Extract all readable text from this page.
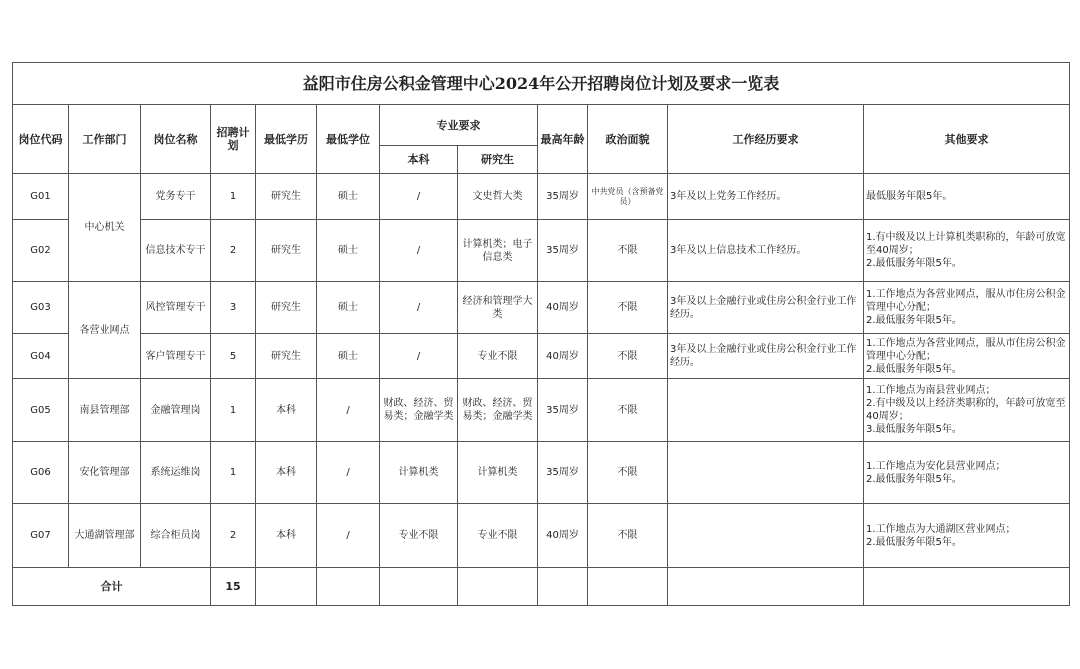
益阳市住房公积金管理中心2024年公开招聘岗位计划及要求一览表											
岗位代码	工作部门	岗位名称	招聘计划	最低学历	最低学位	专业要求		最高年龄	政治面貌	工作经历要求	其他要求
						本科	研究生				
G01	中心机关	党务专干	1	研究生	硕士	/	文史哲大类	35周岁	中共党员（含预备党员）	3年及以上党务工作经历。	最低服务年限5年。
G02		信息技术专干	2	研究生	硕士	/	计算机类；电子信息类	35周岁	不限	3年及以上信息技术工作经历。	1.有中级及以上计算机类职称的，年龄可放宽至40周岁；
2.最低服务年限5年。
G03	各营业网点	风控管理专干	3	研究生	硕士	/	经济和管理学大类	40周岁	不限	3年及以上金融行业或住房公积金行业工作经历。	1.工作地点为各营业网点，服从市住房公积金管理中心分配；
2.最低服务年限5年。
G04		客户管理专干	5	研究生	硕士	/	专业不限	40周岁	不限	3年及以上金融行业或住房公积金行业工作经历。	1.工作地点为各营业网点，服从市住房公积金管理中心分配；
2.最低服务年限5年。
G05	南县管理部	金融管理岗	1	本科	/	财政、经济、贸易类；金融学类	财政、经济、贸易类；金融学类	35周岁	不限		1.工作地点为南县营业网点；
2.有中级及以上经济类职称的，年龄可放宽至40周岁；
3.最低服务年限5年。
G06	安化管理部	系统运维岗	1	本科	/	计算机类	计算机类	35周岁	不限		1.工作地点为安化县营业网点；
2.最低服务年限5年。
G07	大通湖管理部	综合柜员岗	2	本科	/	专业不限	专业不限	40周岁	不限		1.工作地点为大通湖区营业网点；
2.最低服务年限5年。
合计			15								
